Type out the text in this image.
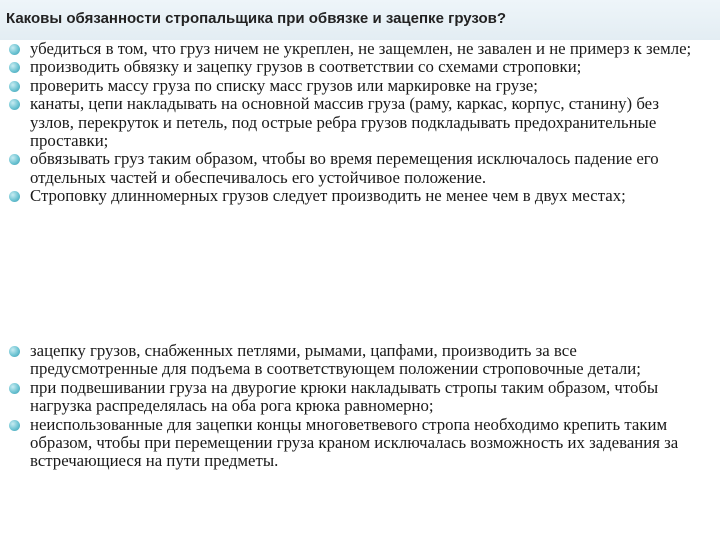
Каковы обязанности стропальщика при обвязке и зацепке грузов?
убедиться в том, что груз ничем не укреплен, не защемлен, не завален и не примерз к земле;
производить обвязку и зацепку грузов в соответствии со схемами строповки;
проверить массу груза по списку масс грузов или маркировке на грузе;
канаты, цепи накладывать на основной массив груза (раму, каркас, корпус, станину) без узлов, перекруток и петель, под острые ребра грузов подкладывать предохранительные проставки;
обвязывать груз таким образом, чтобы во время перемещения исключалось падение его отдельных частей и обеспечивалось его устойчивое положение.
Строповку длинномерных грузов следует производить не менее чем в двух местах;
зацепку грузов, снабженных петлями, рымами, цапфами, производить за все предусмотренные для подъема в соответствующем положении строповочные детали;
при подвешивании груза на двурогие крюки накладывать стропы таким образом, чтобы нагрузка распределялась на оба рога крюка равномерно;
неиспользованные для зацепки концы многоветвевого стропа необходимо крепить таким образом, чтобы при перемещении груза краном исключалась возможность их задевания за встречающиеся на пути предметы.
